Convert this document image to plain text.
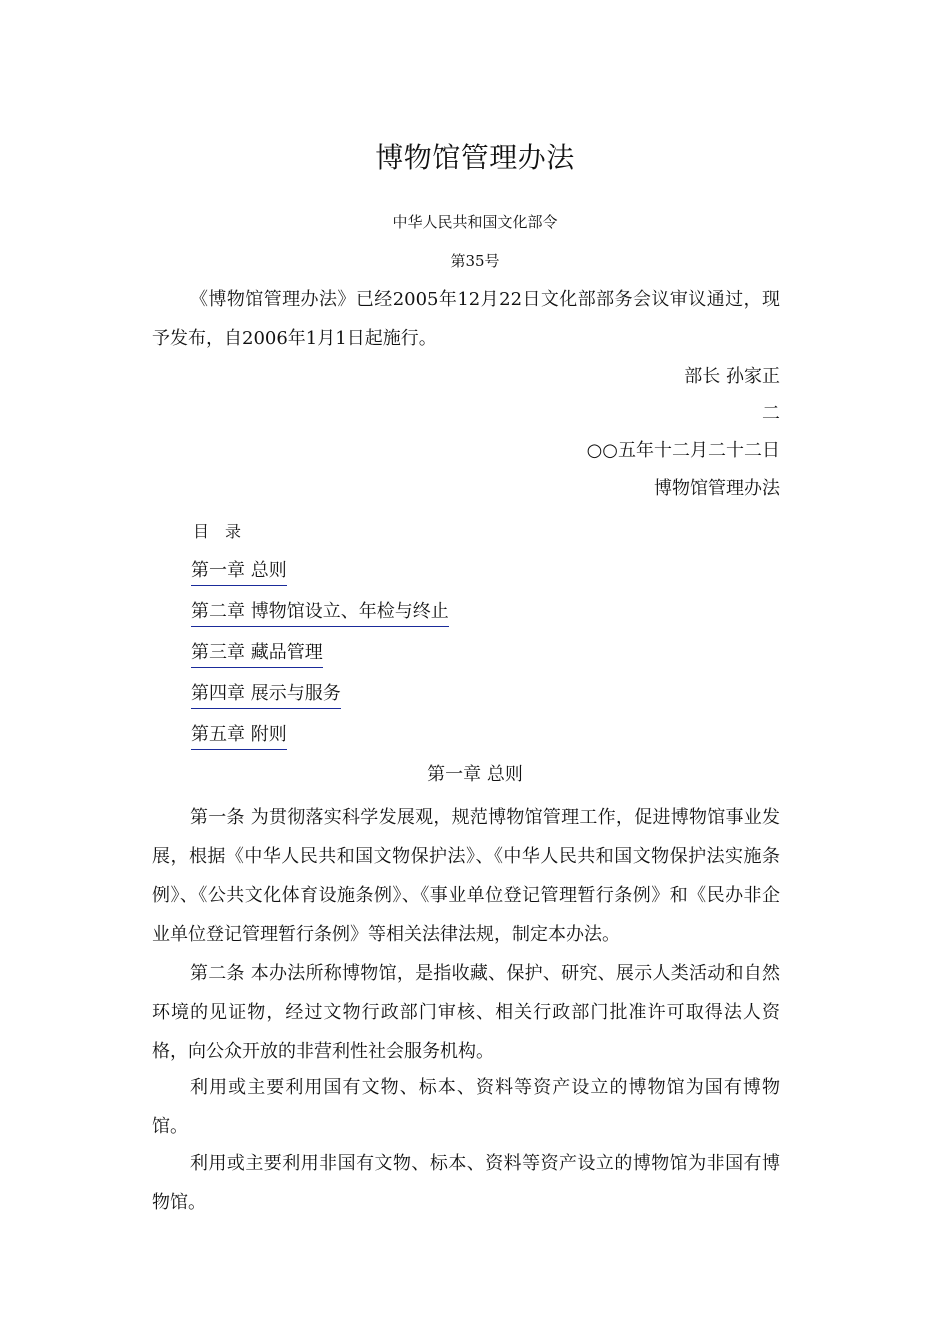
博物馆管理办法
中华人民共和国文化部令
第35号
《博物馆管理办法》已经2005年12月22日文化部部务会议审议通过，现予发布，自2006年1月1日起施行。
部长 孙家正
二
○○五年十二月二十二日
博物馆管理办法
目　录
第一章 总则
第二章 博物馆设立、年检与终止
第三章 藏品管理
第四章 展示与服务
第五章 附则
第一章 总则
第一条 为贯彻落实科学发展观，规范博物馆管理工作，促进博物馆事业发展，根据《中华人民共和国文物保护法》、《中华人民共和国文物保护法实施条例》、《公共文化体育设施条例》、《事业单位登记管理暂行条例》和《民办非企业单位登记管理暂行条例》等相关法律法规，制定本办法。
第二条 本办法所称博物馆，是指收藏、保护、研究、展示人类活动和自然环境的见证物，经过文物行政部门审核、相关行政部门批准许可取得法人资格，向公众开放的非营利性社会服务机构。
利用或主要利用国有文物、标本、资料等资产设立的博物馆为国有博物馆。
利用或主要利用非国有文物、标本、资料等资产设立的博物馆为非国有博物馆。
